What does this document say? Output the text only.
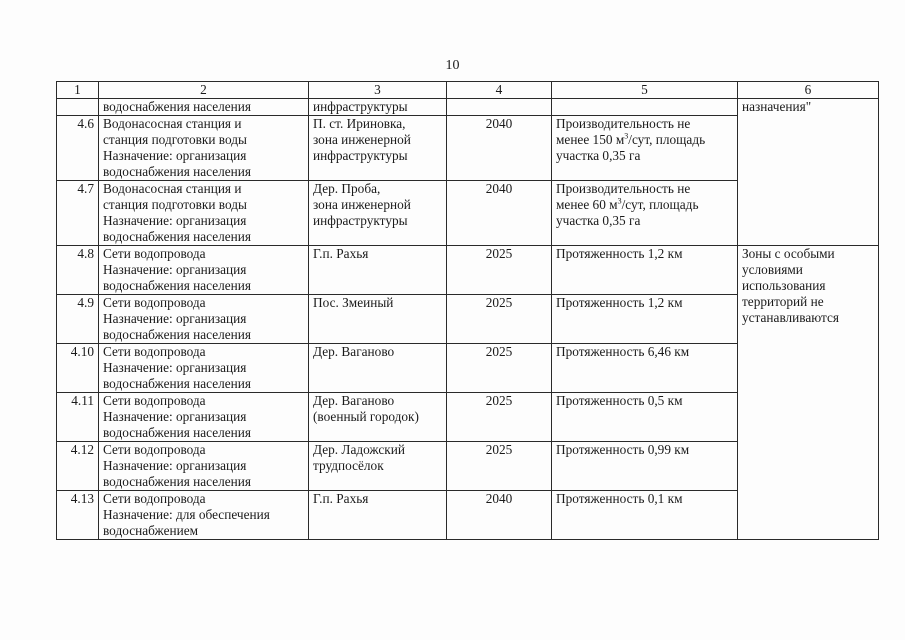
10
1	2	3	4	5	6
	водоснабжения населения	инфраструктуры			назначения"
4.6	Водонасосная станция и
станция подготовки воды
Назначение: организация
водоснабжения населения	П. ст. Ириновка,
зона инженерной
инфраструктуры	2040	Производительность не
менее 150 $м^3$/сут, площадь
участка 0,35 га	

4.7	Водонасосная станция и
станция подготовки воды
Назначение: организация
водоснабжения населения	Дер. Проба,
зона инженерной
инфраструктуры	2040	Производительность не
менее 60 $м^3$/сут, площадь
участка 0,35 га	

4.8	Сети водопровода
Назначение: организация
водоснабжения населения	Г.п. Рахья	2025	Протяженность 1,2 км	Зоны с особыми
условиями
использования
территорий не
устанавливаются

4.9	Сети водопровода
Назначение: организация
водоснабжения населения	Пос. Змеиный	2025	Протяженность 1,2 км	

4.10	Сети водопровода
Назначение: организация
водоснабжения населения	Дер. Ваганово	2025	Протяженность 6,46 км	

4.11	Сети водопровода
Назначение: организация
водоснабжения населения	Дер. Ваганово
(военный городок)	2025	Протяженность 0,5 км	

4.12	Сети водопровода
Назначение: организация
водоснабжения населения	Дер. Ладожский
трудпосёлок	2025	Протяженность 0,99 км	

4.13	Сети водопровода
Назначение: для обеспечения
водоснабжением	Г.п. Рахья	2040	Протяженность 0,1 км	
